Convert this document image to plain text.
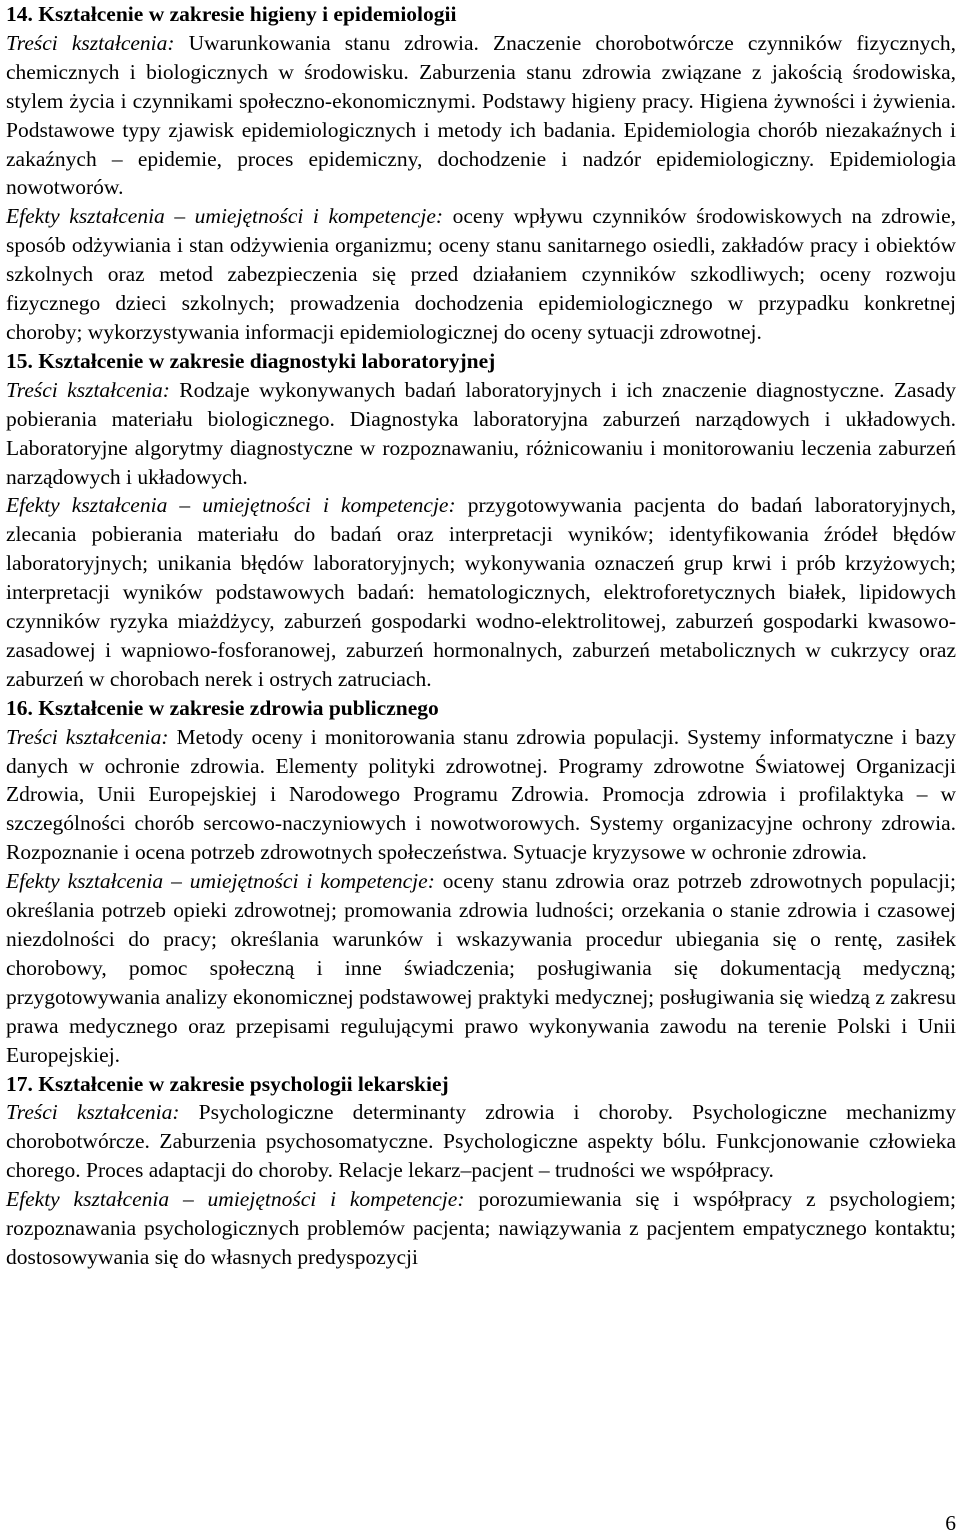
14. Kształcenie w zakresie higieny i epidemiologii

Treści kształcenia: Uwarunkowania stanu zdrowia. Znaczenie chorobotwórcze czynników fizycznych, chemicznych i biologicznych w środowisku. Zaburzenia stanu zdrowia związane z jakością środowiska, stylem życia i czynnikami społeczno-ekonomicznymi. Podstawy higieny pracy. Higiena żywności i żywienia. Podstawowe typy zjawisk epidemiologicznych i metody ich badania. Epidemiologia chorób niezakaźnych i zakaźnych – epidemie, proces epidemiczny, dochodzenie i nadzór epidemiologiczny. Epidemiologia nowotworów.

Efekty kształcenia – umiejętności i kompetencje: oceny wpływu czynników środowiskowych na zdrowie, sposób odżywiania i stan odżywienia organizmu; oceny stanu sanitarnego osiedli, zakładów pracy i obiektów szkolnych oraz metod zabezpieczenia się przed działaniem czynników szkodliwych; oceny rozwoju fizycznego dzieci szkolnych; prowadzenia dochodzenia epidemiologicznego w przypadku konkretnej choroby; wykorzystywania informacji epidemiologicznej do oceny sytuacji zdrowotnej.

15. Kształcenie w zakresie diagnostyki laboratoryjnej

Treści kształcenia: Rodzaje wykonywanych badań laboratoryjnych i ich znaczenie diagnostyczne. Zasady pobierania materiału biologicznego. Diagnostyka laboratoryjna zaburzeń narządowych i układowych. Laboratoryjne algorytmy diagnostyczne w rozpoznawaniu, różnicowaniu i monitorowaniu leczenia zaburzeń narządowych i układowych.

Efekty kształcenia – umiejętności i kompetencje: przygotowywania pacjenta do badań laboratoryjnych, zlecania pobierania materiału do badań oraz interpretacji wyników; identyfikowania źródeł błędów laboratoryjnych; unikania błędów laboratoryjnych; wykonywania oznaczeń grup krwi i prób krzyżowych; interpretacji wyników podstawowych badań: hematologicznych, elektroforetycznych białek, lipidowych czynników ryzyka miażdżycy, zaburzeń gospodarki wodno-elektrolitowej, zaburzeń gospodarki kwasowo-zasadowej i wapniowo-fosforanowej, zaburzeń hormonalnych, zaburzeń metabolicznych w cukrzycy oraz zaburzeń w chorobach nerek i ostrych zatruciach.

16. Kształcenie w zakresie zdrowia publicznego

Treści kształcenia: Metody oceny i monitorowania stanu zdrowia populacji. Systemy informatyczne i bazy danych w ochronie zdrowia. Elementy polityki zdrowotnej. Programy zdrowotne Światowej Organizacji Zdrowia, Unii Europejskiej i Narodowego Programu Zdrowia. Promocja zdrowia i profilaktyka – w szczególności chorób sercowo-naczyniowych i nowotworowych. Systemy organizacyjne ochrony zdrowia. Rozpoznanie i ocena potrzeb zdrowotnych społeczeństwa. Sytuacje kryzysowe w ochronie zdrowia.

Efekty kształcenia – umiejętności i kompetencje: oceny stanu zdrowia oraz potrzeb zdrowotnych populacji; określania potrzeb opieki zdrowotnej; promowania zdrowia ludności; orzekania o stanie zdrowia i czasowej niezdolności do pracy; określania warunków i wskazywania procedur ubiegania się o rentę, zasiłek chorobowy, pomoc społeczną i inne świadczenia; posługiwania się dokumentacją medyczną; przygotowywania analizy ekonomicznej podstawowej praktyki medycznej; posługiwania się wiedzą z zakresu prawa medycznego oraz przepisami regulującymi prawo wykonywania zawodu na terenie Polski i Unii Europejskiej.

17. Kształcenie w zakresie psychologii lekarskiej

Treści kształcenia: Psychologiczne determinanty zdrowia i choroby. Psychologiczne mechanizmy chorobotwórcze. Zaburzenia psychosomatyczne. Psychologiczne aspekty bólu. Funkcjonowanie człowieka chorego. Proces adaptacji do choroby. Relacje lekarz–pacjent – trudności we współpracy.

Efekty kształcenia – umiejętności i kompetencje: porozumiewania się i współpracy z psychologiem; rozpoznawania psychologicznych problemów pacjenta; nawiązywania z pacjentem empatycznego kontaktu; dostosowywania się do własnych predyspozycji

6
